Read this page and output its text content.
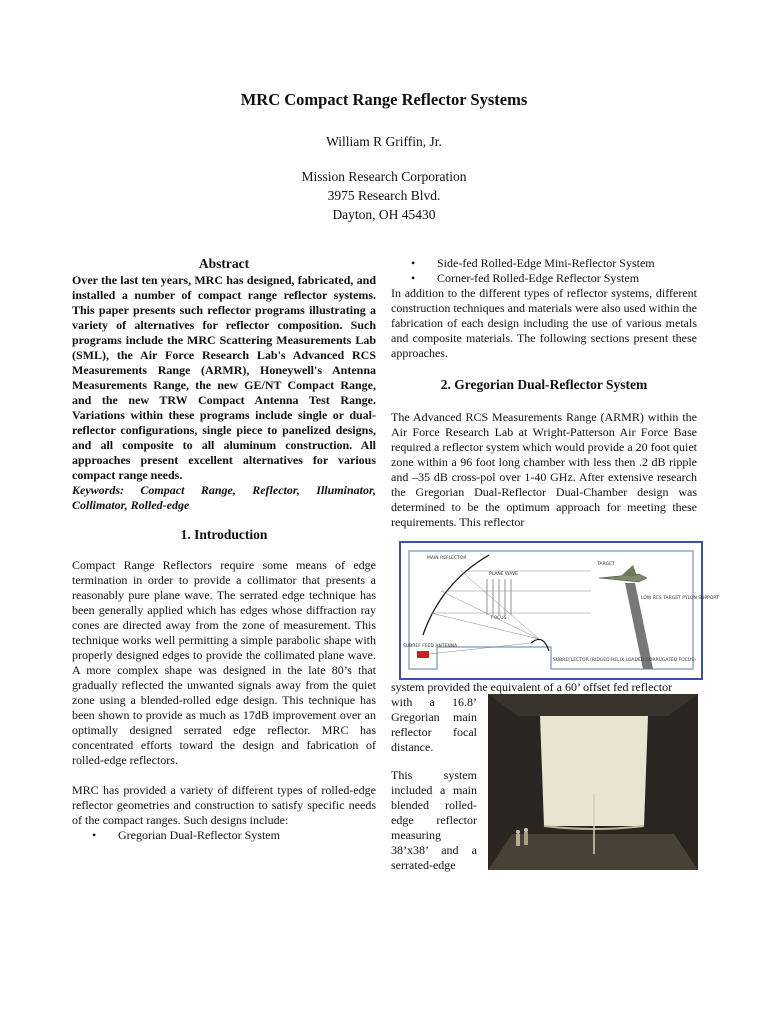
MRC Compact Range Reflector Systems
William R Griffin, Jr.
Mission Research Corporation
3975 Research Blvd.
Dayton, OH 45430
Abstract

Over the last ten years, MRC has designed, fabricated, and installed a number of compact range reflector systems. This paper presents such reflector programs illustrating a variety of alternatives for reflector composition. Such programs include the MRC Scattering Measurements Lab (SML), the Air Force Research Lab's Advanced RCS Measurements Range (ARMR), Honeywell's Antenna Measurements Range, the new GE/NT Compact Range, and the new TRW Compact Antenna Test Range. Variations within these programs include single or dual-reflector configurations, single piece to panelized designs, and all composite to all aluminum construction. All approaches present excellent alternatives for various compact range needs.

Keywords: Compact Range, Reflector, Illuminator, Collimator, Rolled-edge

1. Introduction

Compact Range Reflectors require some means of edge termination in order to provide a collimator that presents a reasonably pure plane wave. The serrated edge technique has been generally applied which has edges whose diffraction ray cones are directed away from the zone of measurement. This technique works well permitting a simple parabolic shape with properly designed edges to provide the collimated plane wave. A more complex shape was designed in the late 80’s that gradually reflected the unwanted signals away from the quiet zone using a blended-rolled edge design. This technique has been shown to provide as much as 17dB improvement over an optimally designed serrated edge reflector. MRC has concentrated efforts toward the design and fabrication of rolled-edge reflectors.

MRC has provided a variety of different types of rolled-edge reflector geometries and construction to satisfy specific needs of the compact ranges. Such designs include:

• Gregorian Dual-Reflector System
• Side-fed Rolled-Edge Mini-Reflector System
• Corner-fed Rolled-Edge Reflector System

In addition to the different types of reflector systems, different construction techniques and materials were also used within the fabrication of each design including the use of various metals and composite materials. The following sections present these approaches.

2. Gregorian Dual-Reflector System

The Advanced RCS Measurements Range (ARMR) within the Air Force Research Lab at Wright-Patterson Air Force Base required a reflector system which would provide a 20 foot quiet zone within a 96 foot long chamber with less then .2 dB ripple and –35 dB cross-pol over 1-40 GHz. After extensive research the Gregorian Dual-Reflector Dual-Chamber design was determined to be the optimum approach for meeting these requirements. This reflector

MAIN REFLECTOR
PLANE WAVE
TARGET
LOW RCS TARGET PYLON SUPPORT
FOCUS
SUBREF FEED ANTENNA
SUBREFLECTOR (RIDGED HELIX LOADED CORRUGATED FOCUS)
system provided the equivalent of a 60’ offset fed reflector
with a 16.8’ Gregorian main reflector focal distance.
This system included a main blended rolled-edge reflector measuring 38’x38’ and a serrated-edge
